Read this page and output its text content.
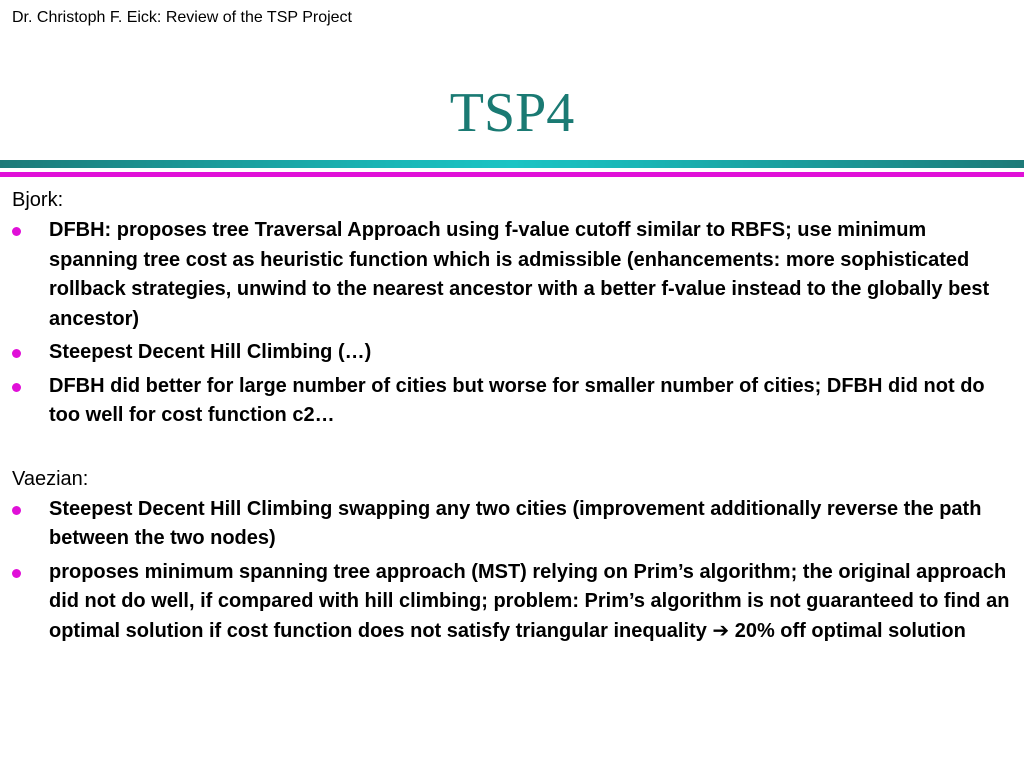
Dr. Christoph F. Eick: Review of the TSP Project
TSP4

Bjork:

DFBH: proposes tree Traversal Approach using f-value cutoff similar to RBFS; use minimum spanning tree cost as heuristic function which is admissible (enhancements: more sophisticated rollback strategies, unwind to the nearest ancestor with a better f-value instead to the globally best ancestor)
Steepest Decent Hill Climbing (…)
DFBH did better for large number of cities but worse for smaller number of cities; DFBH did not do too well for cost function c2…

Vaezian:

Steepest Decent Hill Climbing swapping any two cities (improvement additionally reverse the path between the two nodes)
proposes minimum spanning tree approach (MST) relying on Prim’s algorithm; the original approach did not do well, if compared with hill climbing; problem: Prim’s algorithm is not guaranteed to find an optimal solution if cost function does not satisfy triangular inequality ➔ 20% off optimal solution
